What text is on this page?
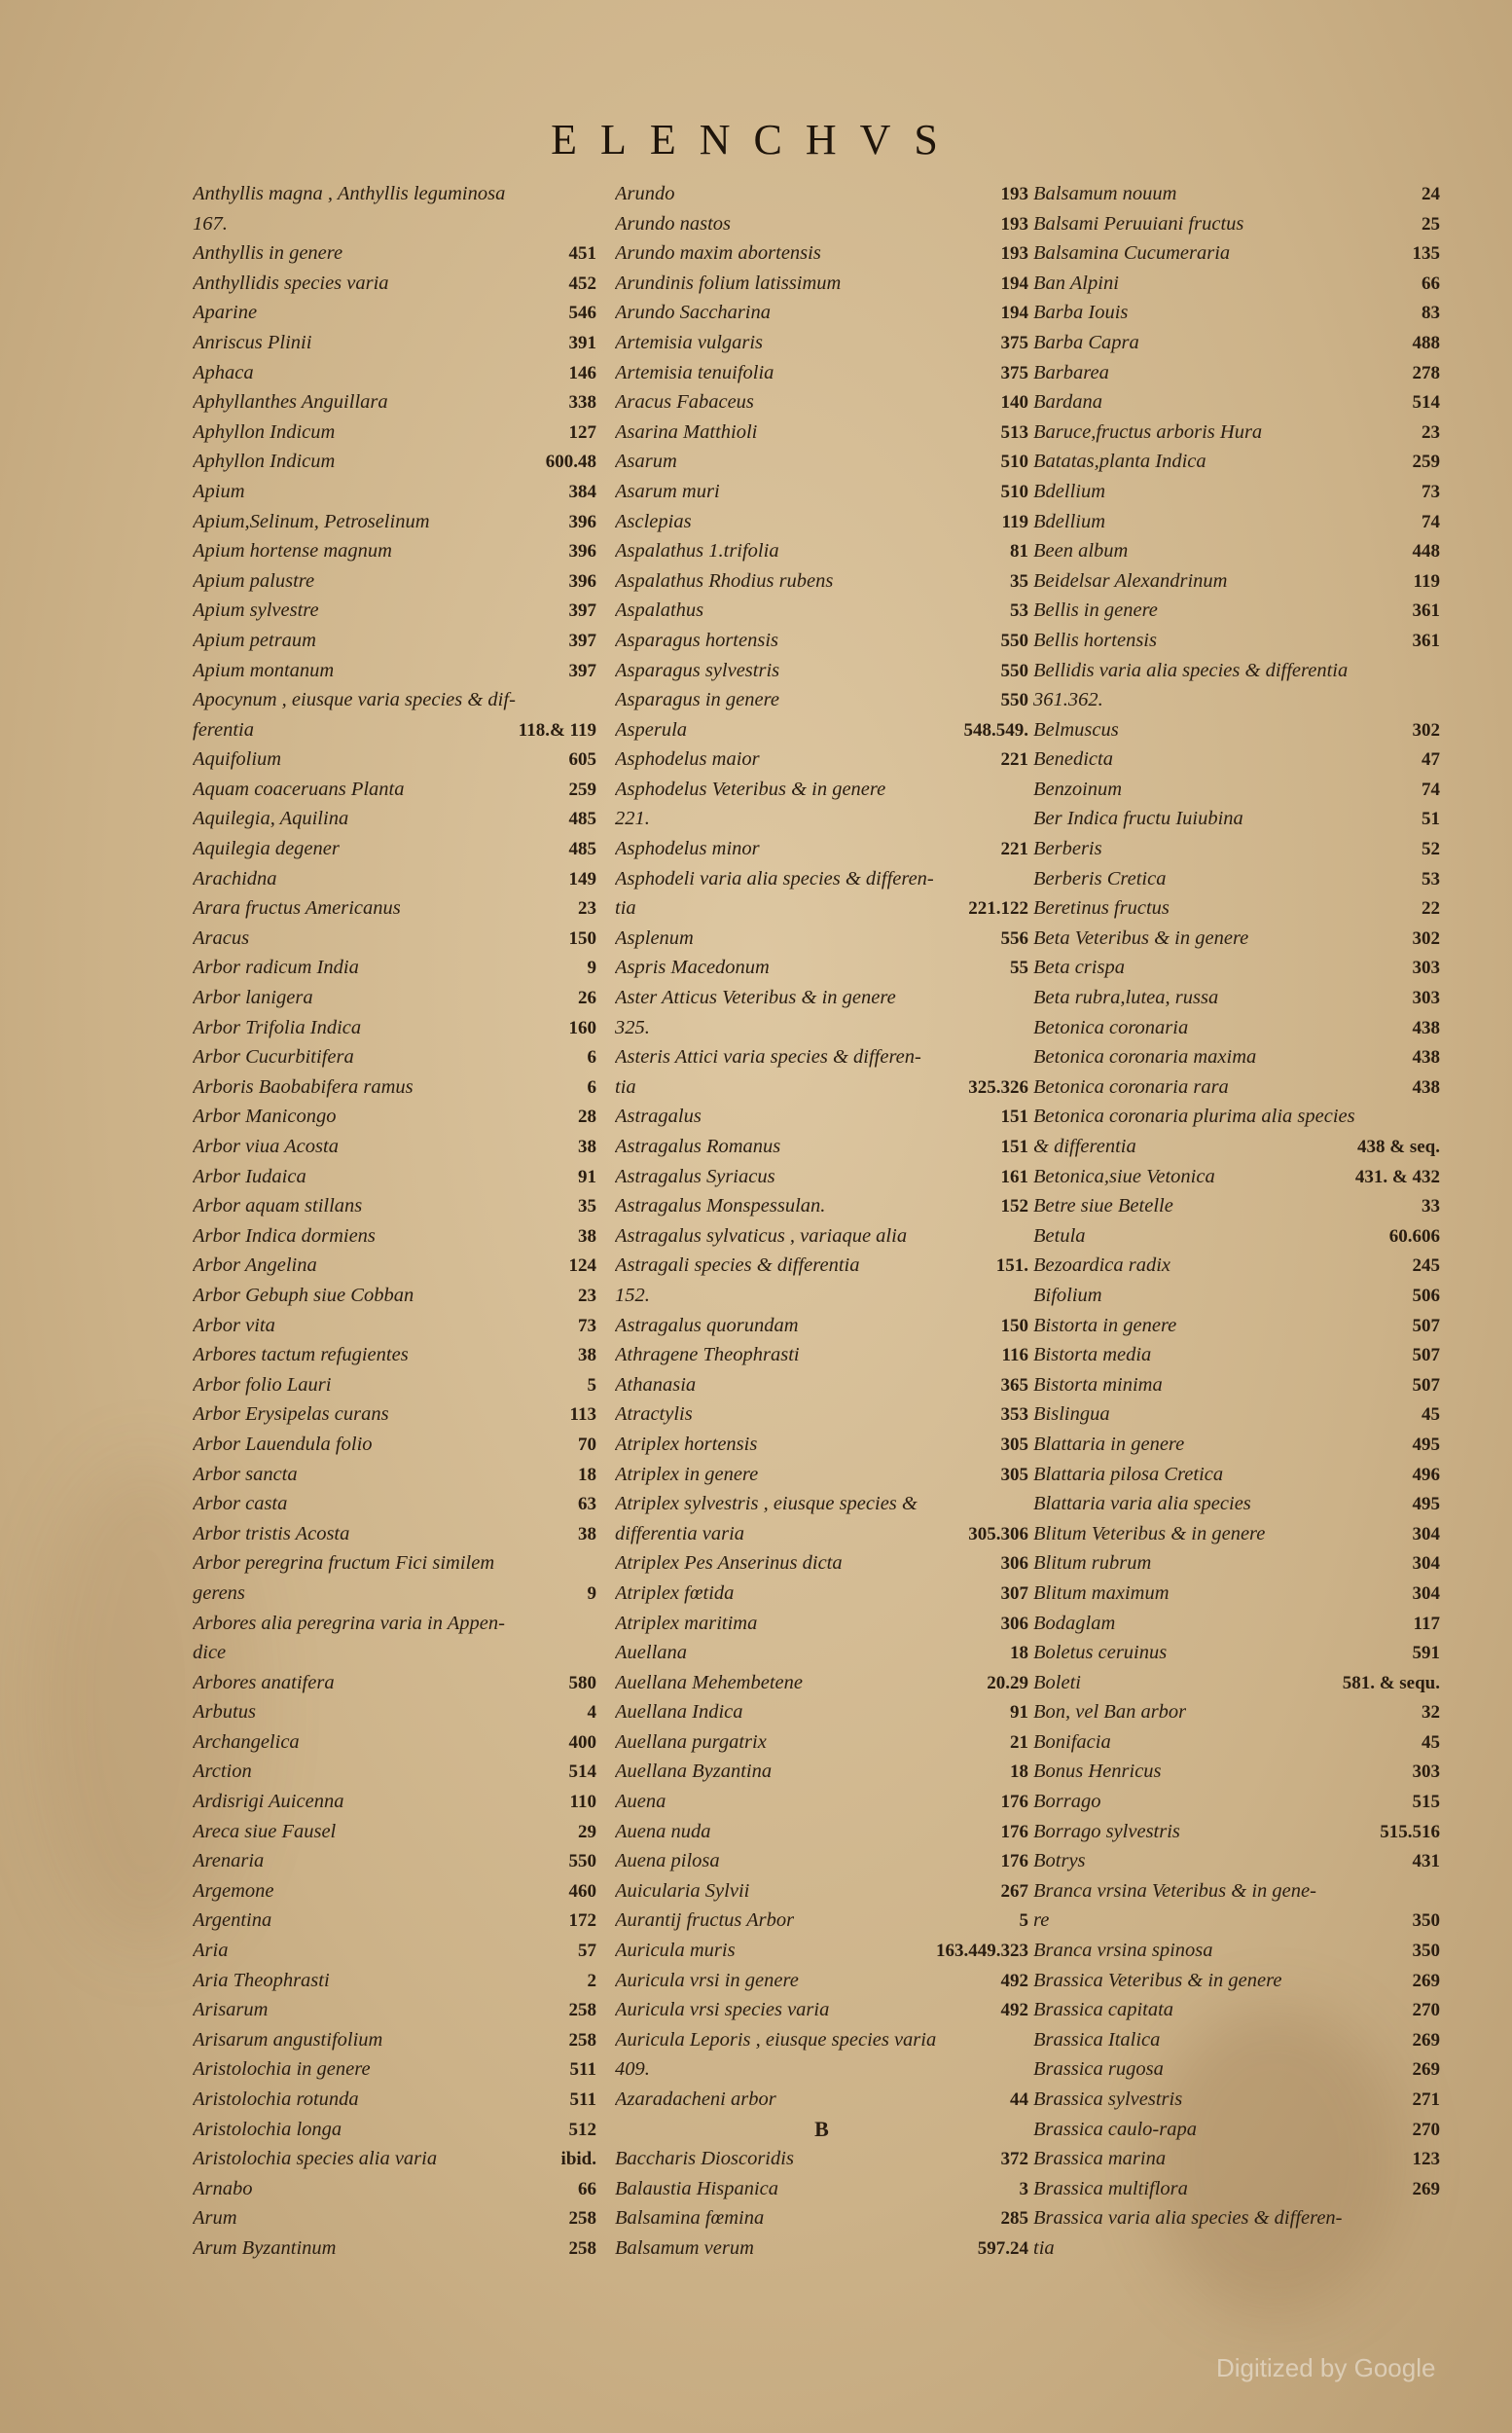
ELENCHVS
Anthyllis magna , Anthyllis leguminosa
167.
Anthyllis in genere	451
Anthyllidis species varia	452
Aparine	546
Anriscus Plinii	391
Aphaca	146
Aphyllanthes Anguillara	338
Aphyllon Indicum	127
Aphyllon Indicum	600.48
Apium	384
Apium,Selinum, Petroselinum	396
Apium hortense magnum	396
Apium palustre	396
Apium sylvestre	397
Apium petraum	397
Apium montanum	397
Apocynum , eiusque varia species & dif-
ferentia	118.& 119
Aquifolium	605
Aquam coaceruans Planta	259
Aquilegia, Aquilina	485
Aquilegia degener	485
Arachidna	149
Arara fructus Americanus	23
Aracus	150
Arbor radicum India	9
Arbor lanigera	26
Arbor Trifolia Indica	160
Arbor Cucurbitifera	6
Arboris Baobabifera ramus	6
Arbor Manicongo	28
Arbor viua Acosta	38
Arbor Iudaica	91
Arbor aquam stillans	35
Arbor Indica dormiens	38
Arbor Angelina	124
Arbor Gebuph siue Cobban	23
Arbor vita	73
Arbores tactum refugientes	38
Arbor folio Lauri	5
Arbor Erysipelas curans	113
Arbor Lauendula folio	70
Arbor sancta	18
Arbor casta	63
Arbor tristis Acosta	38
Arbor peregrina fructum Fici similem
gerens	9
Arbores alia peregrina varia in Appen-
dice
Arbores anatifera	580
Arbutus	4
Archangelica	400
Arction	514
Ardisrigi Auicenna	110
Areca siue Fausel	29
Arenaria	550
Argemone	460
Argentina	172
Aria	57
Aria Theophrasti	2
Arisarum	258
Arisarum angustifolium	258
Aristolochia in genere	511
Aristolochia rotunda	511
Aristolochia longa	512
Aristolochia species alia varia	ibid.
Arnabo	66
Arum	258
Arum Byzantinum	258
Arundo	193
Arundo nastos	193
Arundo maxim abortensis	193
Arundinis folium latissimum	194
Arundo Saccharina	194
Artemisia vulgaris	375
Artemisia tenuifolia	375
Aracus Fabaceus	140
Asarina Matthioli	513
Asarum	510
Asarum muri	510
Asclepias	119
Aspalathus 1.trifolia	81
Aspalathus Rhodius rubens	35
Aspalathus	53
Asparagus hortensis	550
Asparagus sylvestris	550
Asparagus in genere	550
Asperula	548.549.
Asphodelus maior	221
Asphodelus Veteribus & in genere
221.
Asphodelus minor	221
Asphodeli varia alia species & differen-
tia	221.122
Asplenum	556
Aspris Macedonum	55
Aster Atticus Veteribus & in genere
325.
Asteris Attici varia species & differen-
tia	325.326
Astragalus	151
Astragalus Romanus	151
Astragalus Syriacus	161
Astragalus Monspessulan.	152
Astragalus sylvaticus , variaque alia
Astragali species & differentia	151.
152.
Astragalus quorundam	150
Athragene Theophrasti	116
Athanasia	365
Atractylis	353
Atriplex hortensis	305
Atriplex in genere	305
Atriplex sylvestris , eiusque species &
differentia varia	305.306
Atriplex Pes Anserinus dicta	306
Atriplex fœtida	307
Atriplex maritima	306
Auellana	18
Auellana Mehembetene	20.29
Auellana Indica	91
Auellana purgatrix	21
Auellana Byzantina	18
Auena	176
Auena nuda	176
Auena pilosa	176
Auicularia Sylvii	267
Aurantij fructus Arbor	5
Auricula muris	163.449.323
Auricula vrsi in genere	492
Auricula vrsi species varia	492
Auricula Leporis , eiusque species varia
409.
Azaradacheni arbor	44
B
Baccharis Dioscoridis	372
Balaustia Hispanica	3
Balsamina fœmina	285
Balsamum verum	597.24
Balsamum nouum	24
Balsami Peruuiani fructus	25
Balsamina Cucumeraria	135
Ban Alpini	66
Barba Iouis	83
Barba Capra	488
Barbarea	278
Bardana	514
Baruce,fructus arboris Hura	23
Batatas,planta Indica	259
Bdellium	73
Bdellium	74
Been album	448
Beidelsar Alexandrinum	119
Bellis in genere	361
Bellis hortensis	361
Bellidis varia alia species & differentia
361.362.
Belmuscus	302
Benedicta	47
Benzoinum	74
Ber Indica fructu Iuiubina	51
Berberis	52
Berberis Cretica	53
Beretinus fructus	22
Beta Veteribus & in genere	302
Beta crispa	303
Beta rubra,lutea, russa	303
Betonica coronaria	438
Betonica coronaria maxima	438
Betonica coronaria rara	438
Betonica coronaria plurima alia species
& differentia	438 & seq.
Betonica,siue Vetonica	431. & 432
Betre siue Betelle	33
Betula	60.606
Bezoardica radix	245
Bifolium	506
Bistorta in genere	507
Bistorta media	507
Bistorta minima	507
Bislingua	45
Blattaria in genere	495
Blattaria pilosa Cretica	496
Blattaria varia alia species	495
Blitum Veteribus & in genere	304
Blitum rubrum	304
Blitum maximum	304
Bodaglam	117
Boletus ceruinus	591
Boleti	581. & sequ.
Bon, vel Ban arbor	32
Bonifacia	45
Bonus Henricus	303
Borrago	515
Borrago sylvestris	515.516
Botrys	431
Branca vrsina Veteribus & in gene-
re	350
Branca vrsina spinosa	350
Brassica Veteribus & in genere	269
Brassica capitata	270
Brassica Italica	269
Brassica rugosa	269
Brassica sylvestris	271
Brassica caulo-rapa	270
Brassica marina	123
Brassica multiflora	269
Brassica varia alia species & differen-
tia
Digitized by Google
